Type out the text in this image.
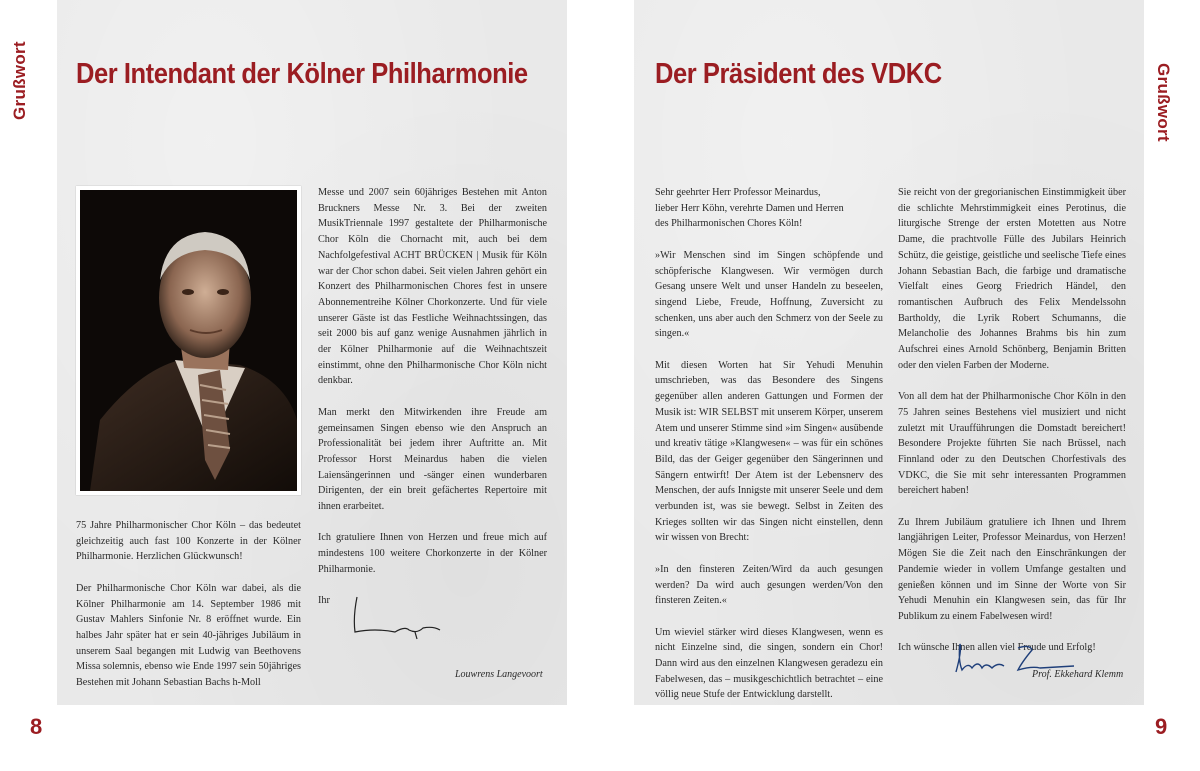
Grußwort
8
Der Intendant der Kölner Philharmonie

75 Jahre Philharmonischer Chor Köln – das bedeutet gleichzeitig auch fast 100 Konzerte in der Kölner Philharmonie. Herzlichen Glückwunsch!

Der Philharmonische Chor Köln war dabei, als die Kölner Philharmonie am 14. September 1986 mit Gustav Mahlers Sinfonie Nr. 8 eröffnet wurde. Ein halbes Jahr später hat er sein 40-jähriges Jubiläum in unserem Saal begangen mit Ludwig van Beethovens Missa solemnis, ebenso wie Ende 1997 sein 50jähriges Bestehen mit Johann Sebastian Bachs h-Moll

Messe und 2007 sein 60jähriges Bestehen mit Anton Bruckners Messe Nr. 3. Bei der zweiten MusikTriennale 1997 gestaltete der Philharmonische Chor Köln die Chornacht mit, auch bei dem Nachfolgefestival ACHT BRÜCKEN | Musik für Köln war der Chor schon dabei. Seit vielen Jahren gehört ein Konzert des Philharmonischen Chores fest in unsere Abonnementreihe Kölner Chorkonzerte. Und für viele unserer Gäste ist das Festliche Weihnachtssingen, das seit 2000 bis auf ganz wenige Ausnahmen jährlich in der Kölner Philharmonie auf die Weihnachtszeit einstimmt, ohne den Philharmonische Chor Köln nicht denkbar.

Man merkt den Mitwirkenden ihre Freude am gemeinsamen Singen ebenso wie den Anspruch an Professionalität bei jedem ihrer Auftritte an. Mit Professor Horst Meinardus haben die vielen Laiensängerinnen und -sänger einen wunderbaren Dirigenten, der ein breit gefächertes Repertoire mit ihnen erarbeitet.

Ich gratuliere Ihnen von Herzen und freue mich auf mindestens 100 weitere Chorkonzerte in der Kölner Philharmonie.

Ihr

Louwrens Langevoort
Grußwort
9
Der Präsident des VDKC

Sehr geehrter Herr Professor Meinardus,
lieber Herr Köhn, verehrte Damen und Herren
des Philharmonischen Chores Köln!

»Wir Menschen sind im Singen schöpfende und schöpferische Klangwesen. Wir vermögen durch Gesang unsere Welt und unser Handeln zu beseelen, singend Liebe, Freude, Hoffnung, Zuversicht zu schenken, uns aber auch den Schmerz von der Seele zu singen.«

Mit diesen Worten hat Sir Yehudi Menuhin umschrieben, was das Besondere des Singens gegenüber allen anderen Gattungen und Formen der Musik ist: WIR SELBST mit unserem Körper, unserem Atem und unserer Stimme sind »im Singen« ausübende und kreativ tätige »Klangwesen« – was für ein schönes Bild, das der Geiger gegenüber den Sängerinnen und Sängern entwirft! Der Atem ist der Lebensnerv des Menschen, der aufs Innigste mit unserer Seele und dem verbunden ist, was sie bewegt. Selbst in Zeiten des Krieges sollten wir das Singen nicht einstellen, denn wir wissen von Brecht:

»In den finsteren Zeiten/Wird da auch gesungen werden? Da wird auch gesungen werden/Von den finsteren Zeiten.«

Um wieviel stärker wird dieses Klangwesen, wenn es nicht Einzelne sind, die singen, sondern ein Chor! Dann wird aus den einzelnen Klangwesen geradezu ein Fabelwesen, das – musikgeschichtlich betrachtet – eine völlig neue Stufe der Entwicklung darstellt.

Sie reicht von der gregorianischen Einstimmigkeit über die schlichte Mehrstimmigkeit eines Perotinus, die liturgische Strenge der ersten Motetten aus Notre Dame, die prachtvolle Fülle des Jubilars Heinrich Schütz, die geistige, geistliche und seelische Tiefe eines Johann Sebastian Bach, die farbige und dramatische Vielfalt eines Georg Friedrich Händel, den romantischen Aufbruch des Felix Mendelssohn Bartholdy, die Lyrik Robert Schumanns, die Melancholie des Johannes Brahms bis hin zum Aufschrei eines Arnold Schönberg, Benjamin Britten oder den vielen Farben der Moderne.

Von all dem hat der Philharmonische Chor Köln in den 75 Jahren seines Bestehens viel musiziert und nicht zuletzt mit Uraufführungen die Domstadt bereichert! Besondere Projekte führten Sie nach Brüssel, nach Finnland oder zu den Deutschen Chorfestivals des VDKC, die Sie mit sehr interessanten Programmen bereichert haben!

Zu Ihrem Jubiläum gratuliere ich Ihnen und Ihrem langjährigen Leiter, Professor Meinardus, von Herzen! Mögen Sie die Zeit nach den Einschränkungen der Pandemie wieder in vollem Umfange gestalten und genießen können und im Sinne der Worte von Sir Yehudi Menuhin ein Klangwesen sein, das für Ihr Publikum zu einem Fabelwesen wird!

Ich wünsche Ihnen allen viel Freude und Erfolg!

Prof. Ekkehard Klemm
